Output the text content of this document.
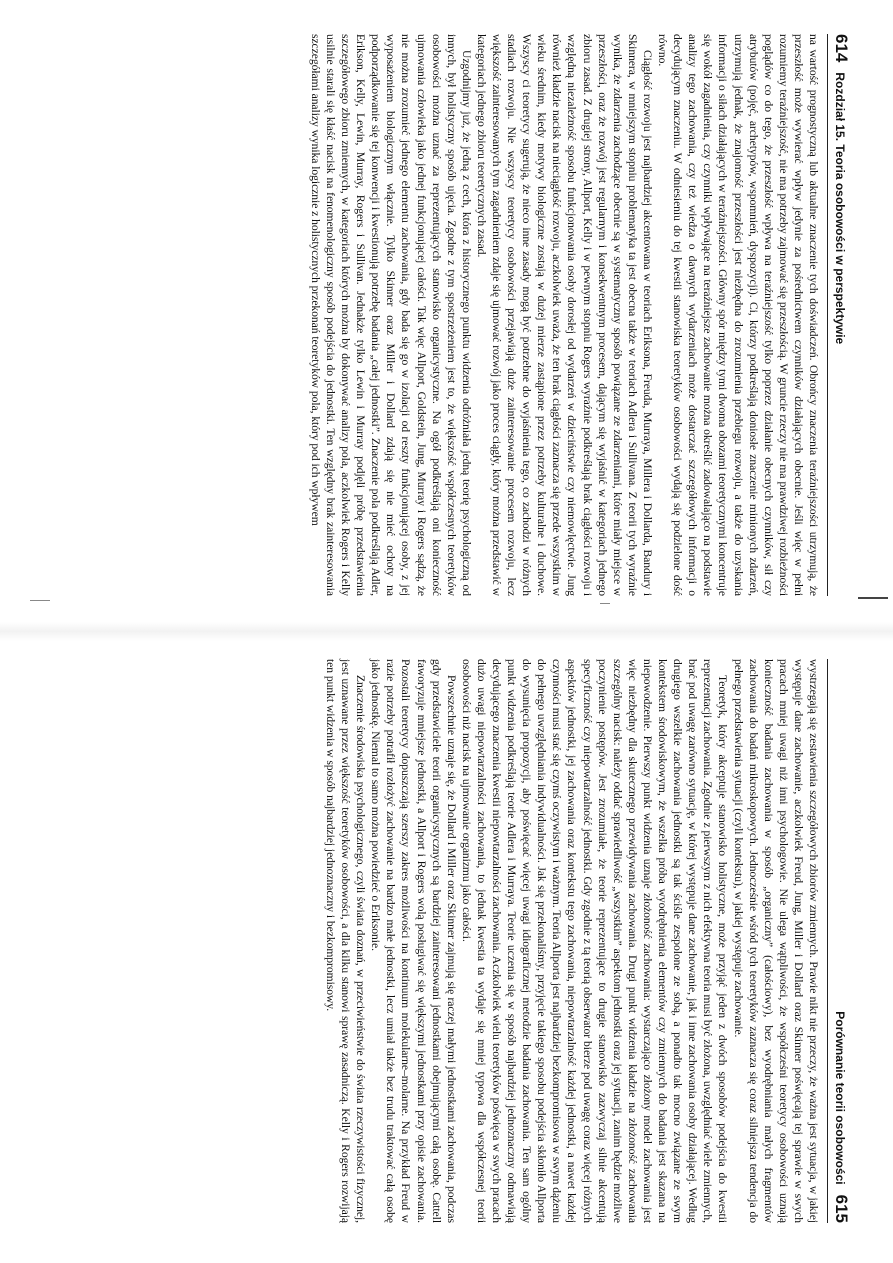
614
Rozdział 15. Teoria osobowości w perspektywie

na wartość prognostyczną lub aktualne znaczenie tych doświadczeń. Obrońcy znaczenia teraźniejszości utrzymują, że przeszłość może wywierać wpływ jedynie za pośrednictwem czynników działających obecnie. Jeśli więc w pełni rozumiemy teraźniejszość, nie ma potrzeby zajmować się przeszłością. W gruncie rzeczy nie ma prawdziwej rozbieżności poglądów co do tego, że przeszłość wpływa na teraźniejszość tylko poprzez działanie obecnych czynników, sił czy atrybutów (pojęć, archetypów, wspomnień, dyspozycji). Ci, którzy podkreślają doniosłe znaczenie minionych zdarzeń, utrzymują jednak, że znajomość przeszłości jest niezbędna do zrozumienia przebiegu rozwoju, a także do uzyskania informacji o siłach działających w teraźniejszości. Główny spór między tymi dwoma obozami teoretycznymi koncentruje się wokół zagadnienia, czy czynniki wpływające na teraźniejsze zachowanie można określić zadowalająco na podstawie analizy tego zachowania, czy też wiedza o dawnych wydarzeniach może dostarczać szczegółowych informacji o decydującym znaczeniu. W odniesieniu do tej kwestii stanowiska teoretyków osobowości wydają się podzielone dość równo.

Ciągłość rozwoju jest najbardziej akcentowana w teoriach Eriksona, Freuda, Murraya, Millera i Dollarda, Bandury i Skinnera, w mniejszym stopniu problematyka ta jest obecna także w teoriach Adlera i Sullivana. Z teorii tych wyraźnie wynika, że zdarzenia zachodzące obecnie są w systematyczny sposób powiązane ze zdarzeniami, które miały miejsce w przeszłości, oraz że rozwój jest regularnym i konsekwentnym procesem, dającym się wyjaśnić w kategoriach jednego zbioru zasad. Z drugiej strony, Allport, Kelly i w pewnym stopniu Rogers wyraźnie podkreślają brak ciągłości rozwoju i względną niezależność sposobu funkcjonowania osoby dorosłej od wydarzeń w dzieciństwie czy niemowlęctwie. Jung również kładzie nacisk na nieciągłość rozwoju, aczkolwiek uważa, że ten brak ciągłości zaznacza się przede wszystkim w wieku średnim, kiedy motywy biologiczne zostają w dużej mierze zastąpione przez potrzeby kulturalne i duchowe. Wszyscy ci teoretycy sugerują, że nieco inne zasady mogą być potrzebne do wyjaśnienia tego, co zachodzi w różnych stadiach rozwoju. Nie wszyscy teoretycy osobowości przejawiają duże zainteresowanie procesem rozwoju, lecz większość zainteresowanych tym zagadnieniem zdaje się ujmować rozwój jako proces ciągły, który można przedstawić w kategoriach jednego zbioru teoretycznych zasad.

Uzgodnijmy już, że jedną z cech, która z historycznego punktu widzenia odróżniała jedną teorię psychologiczną od innych, był holistyczny sposób ujęcia. Zgodne z tym spostrzeżeniem jest to, że większość współczesnych teoretyków osobowości można uznać za reprezentujących stanowisko organicystyczne. Na ogół podkreślają oni konieczność ujmowania człowieka jako jednej funkcjonującej całości. Tak więc Allport, Goldstein, Jung, Murray i Rogers sądzą, że nie można zrozumieć jednego elementu zachowania, gdy bada się go w izolacji od reszty funkcjonującej osoby, z jej wyposażeniem biologicznym włącznie. Tylko Skinner oraz Miller i Dollard zdają się nie mieć ochoty na podporządkowanie się tej konwencji i kwestionują potrzebę badania „całej jednostki”. Znaczenie pola podkreślają Adler, Erikson, Kelly, Lewin, Murray, Rogers i Sullivan. Jednakże tylko Lewin i Murray podjęli próbę przedstawienia szczegółowego zbioru zmiennych, w kategoriach których można by dokonywać analizy pola, aczkolwiek Rogers i Kelly usilnie starali się kłaść nacisk na fenomenologiczny sposób podejścia do jednostki. Ten względny brak zainteresowania szczegółami analizy wynika logicznie z holistycznych przekonań teoretyków pola, który pod ich wpływem

Porównanie teorii osobowości
615

wystrzegają się zestawienia szczegółowych zbiorów zmiennych. Prawie nikt nie przeczy, że ważna jest sytuacja, w jakiej występuje dane zachowanie, aczkolwiek Freud, Jung, Miller i Dollard oraz Skinner poświęcają tej sprawie w swych pracach mniej uwagi niż inni psychologowie. Nie ulega wątpliwości, że współcześni teoretycy osobowości uznają konieczność badania zachowania w sposób „organiczny” (całościowy), bez wyodrębniania małych fragmentów zachowania do badań mikroskopowych. Jednocześnie wśród tych teoretyków zaznacza się coraz silniejsza tendencja do pełnego przedstawienia sytuacji (czyli kontekstu), w jakiej występuje zachowanie.

Teoretyk, który akceptuje stanowisko holistyczne, może przyjąć jeden z dwóch sposobów podejścia do kwestii reprezentacji zachowania. Zgodnie z pierwszym z nich efektywna teoria musi być złożona, uwzględniać wiele zmiennych, brać pod uwagę zarówno sytuację, w której występuje dane zachowanie, jak i inne zachowania osoby działającej. Według drugiego wszelkie zachowania jednostki są tak ściśle zespolone ze sobą, a ponadto tak mocno związane ze swym kontekstem środowiskowym, że wszelka próba wyodrębnienia elementów czy zmiennych do badania jest skazana na niepowodzenie. Pierwszy punkt widzenia uznaje złożoność zachowania: wystarczająco złożony model zachowania jest więc niezbędny dla skutecznego przewidywania zachowania. Drugi punkt widzenia kładzie na złożoność zachowania szczególny nacisk: należy oddać sprawiedliwość „wszystkim” aspektom jednostki oraz jej sytuacji, zanim będzie możliwe poczynienie postępów. Jest zrozumiałe, że teorie reprezentujące to drugie stanowisko zazwyczaj silnie akcentują specyficzność czy niepowtarzalność jednostki. Gdy zgodnie z tą teorią obserwator bierze pod uwagę coraz więcej różnych aspektów jednostki, jej zachowania oraz kontekstu tego zachowania, niepowtarzalność każdej jednostki, a nawet każdej czynności musi stać się czymś oczywistym i ważnym. Teoria Allporta jest najbardziej bezkompromisowa w swym dążeniu do pełnego uwzględniania indywidualności. Jak się przekonaliśmy, przyjęcie takiego sposobu podejścia skłoniło Allporta do wysunięcia propozycji, aby poświęcać więcej uwagi idiograficznej metodzie badania zachowania. Ten sam ogólny punkt widzenia podkreślają teorie Adlera i Murraya. Teorie uczenia się w sposób najbardziej jednoznaczny odmawiają decydującego znaczenia kwestii niepowtarzalności zachowania. Aczkolwiek wielu teoretyków poświęca w swych pracach dużo uwagi niepowtarzalności zachowania, to jednak kwestia ta wydaje się mniej typowa dla współczesnej teorii osobowości niż nacisk na ujmowanie organizmu jako całości.

Powszechnie uznaje się, że Dollard i Miller oraz Skinner zajmują się raczej małymi jednostkami zachowania, podczas gdy przedstawiciele teorii organicystycznych są bardziej zainteresowani jednostkami obejmującymi całą osobę. Cattell faworyzuje mniejsze jednostki, a Allport i Rogers wolą posługiwać się większymi jednostkami przy opisie zachowania. Pozostali teoretycy dopuszczają szerszy zakres możliwości na kontinuum molekularne–molarne. Na przykład Freud w razie potrzeby potrafił rozłożyć zachowanie na bardzo małe jednostki, lecz umiał także bez trudu traktować całą osobę jako jednostkę. Niemal to samo można powiedzieć o Eriksonie.

Znaczenie środowiska psychologicznego, czyli świata doznań, w przeciwieństwie do świata rzeczywistości fizycznej, jest uznawane przez większość teoretyków osobowości, a dla kilku stanowi sprawę zasadniczą. Kelly i Rogers rozwijają ten punkt widzenia w sposób najbardziej jednoznaczny i bezkompromisowy.
